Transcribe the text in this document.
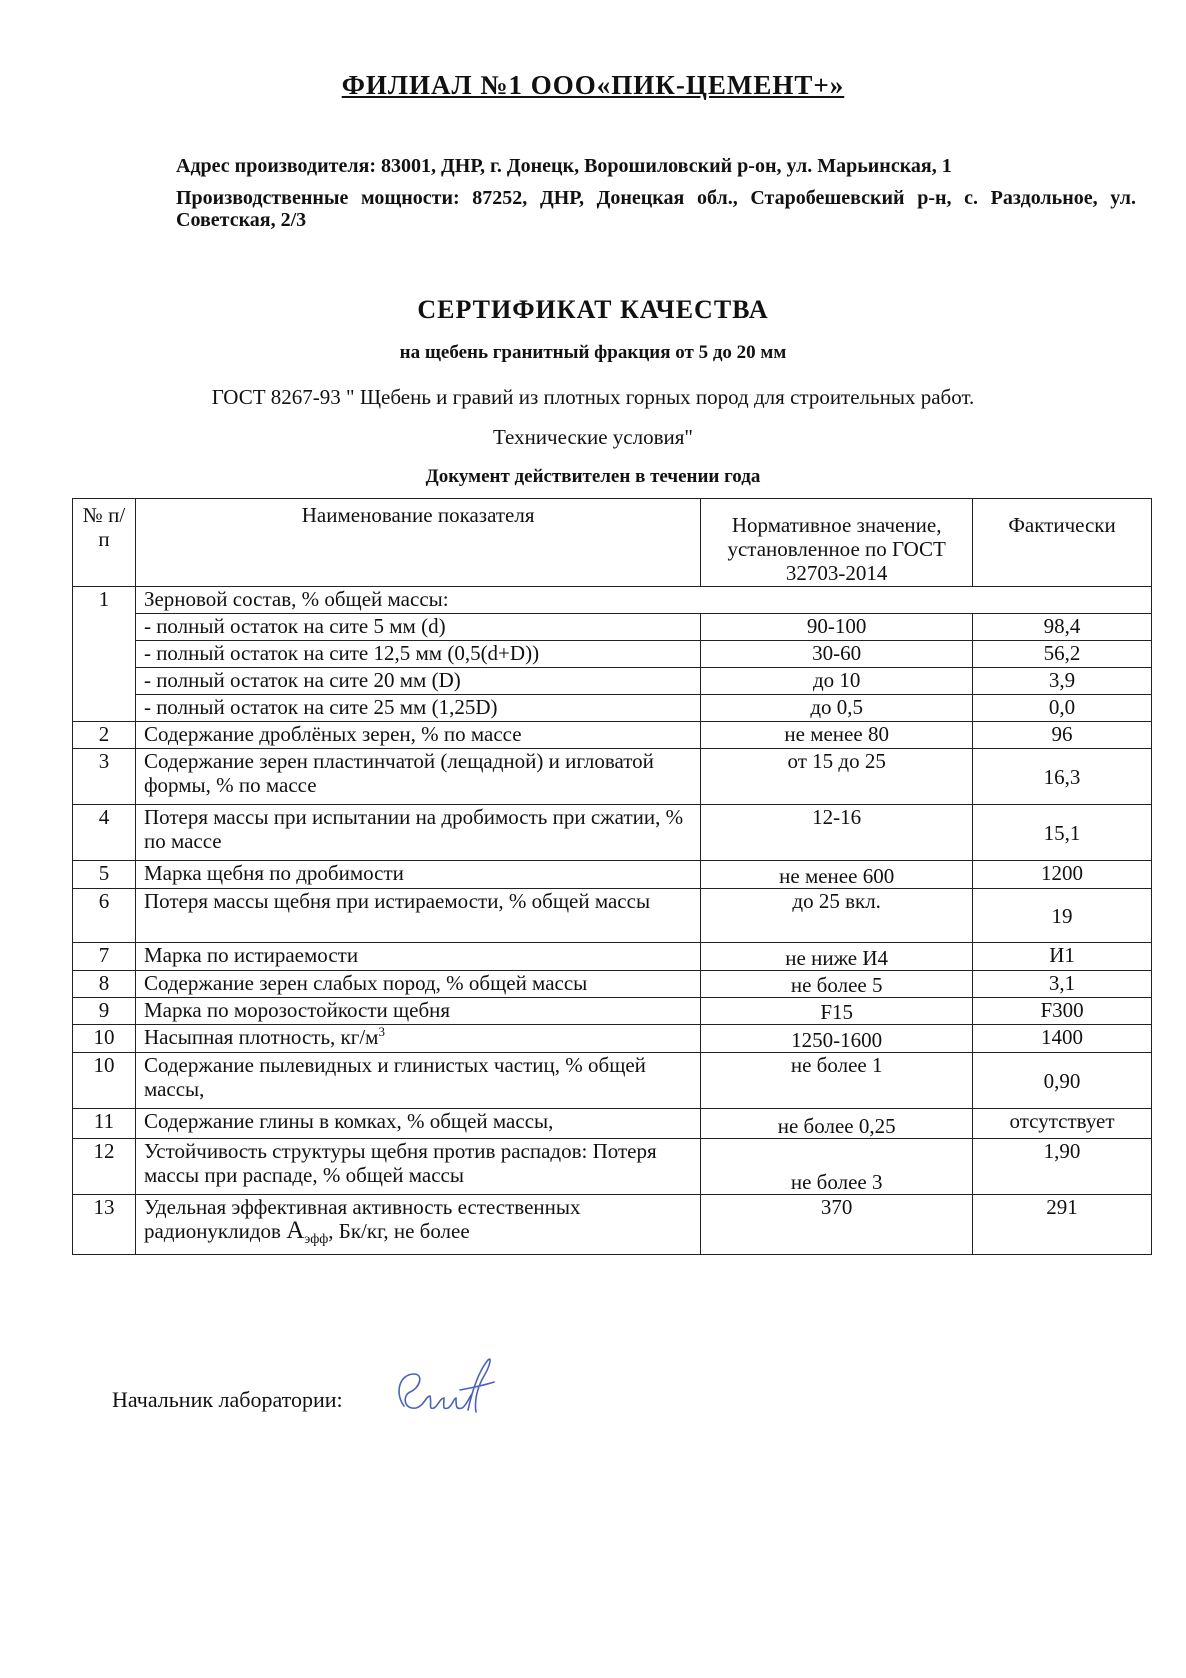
ФИЛИАЛ №1 ООО«ПИК-ЦЕМЕНТ+»
Адрес производителя: 83001, ДНР, г. Донецк, Ворошиловский р-он, ул. Марьинская, 1
Производственные мощности: 87252, ДНР, Донецкая обл., Старобешевский р-н, с. Раздольное, ул. Советская, 2/3
СЕРТИФИКАТ КАЧЕСТВА
на щебень гранитный фракция от 5 до 20 мм
ГОСТ 8267-93 " Щебень и гравий из плотных горных пород для строительных работ.
Технические условия"
Документ действителен в течении года
№ п/п	Наименование показателя	Нормативное значение, установленное по ГОСТ 32703-2014	Фактически
1	Зерновой состав, % общей массы:		
	- полный остаток на сите 5 мм (d)	90-100	98,4
	- полный остаток на сите 12,5 мм (0,5(d+D))	30-60	56,2
	- полный остаток на сите 20 мм (D)	до 10	3,9
	- полный остаток на сите 25 мм (1,25D)	до 0,5	0,0
2	Содержание дроблёных зерен, % по массе	не менее 80	96
3	Содержание зерен пластинчатой (лещадной) и игловатой формы, % по массе	от 15 до 25	16,3
4	Потеря массы при испытании на дробимость при сжатии, % по массе	12-16	15,1
5	Марка щебня по дробимости	не менее 600	1200
6	Потеря массы щебня при истираемости, % общей массы	до 25 вкл.	19
7	Марка по истираемости	не ниже И4	И1
8	Содержание зерен слабых пород, % общей массы	не более 5	3,1
9	Марка по морозостойкости щебня	F15	F300
10	Насыпная плотность, $кг/м^3$	1250-1600	1400
10	Содержание пылевидных и глинистых частиц, % общей массы,	не более 1	0,90
11	Содержание глины в комках, % общей массы,	не более 0,25	отсутствует
12	Устойчивость структуры щебня против распадов: Потеря массы при распаде, % общей массы	не более 3	1,90
13	Удельная эффективная активность естественных радионуклидов $А_{эфф}$, Бк/кг, не более	370	291
Начальник лаборатории:
